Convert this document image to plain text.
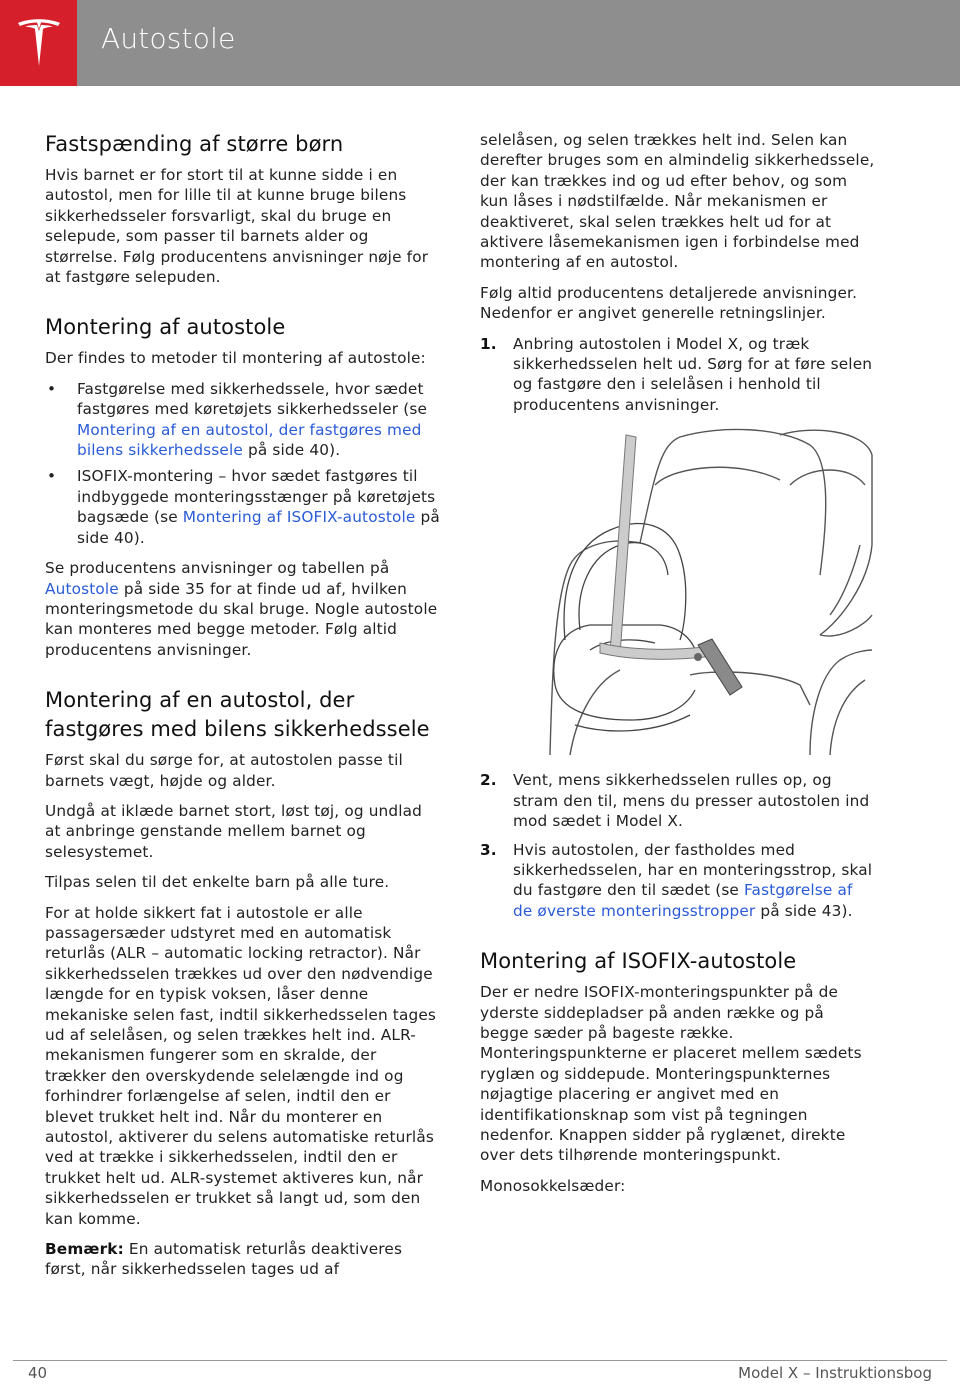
Autostole
Fastspænding af større børn

Hvis barnet er for stort til at kunne sidde i en autostol, men for lille til at kunne bruge bilens sikkerhedsseler forsvarligt, skal du bruge en selepude, som passer til barnets alder og størrelse. Følg producentens anvisninger nøje for at fastgøre selepuden.

Montering af autostole

Der findes to metoder til montering af autostole:

• Fastgørelse med sikkerhedssele, hvor sædet fastgøres med køretøjets sikkerhedsseler (se Montering af en autostol, der fastgøres med bilens sikkerhedssele på side 40).
• ISOFIX-montering – hvor sædet fastgøres til indbyggede monteringsstænger på køretøjets bagsæde (se Montering af ISOFIX-autostole på side 40).

Se producentens anvisninger og tabellen på Autostole på side 35 for at finde ud af, hvilken monteringsmetode du skal bruge. Nogle autostole kan monteres med begge metoder. Følg altid producentens anvisninger.

Montering af en autostol, der fastgøres med bilens sikkerhedssele

Først skal du sørge for, at autostolen passe til barnets vægt, højde og alder.

Undgå at iklæde barnet stort, løst tøj, og undlad at anbringe genstande mellem barnet og selesystemet.

Tilpas selen til det enkelte barn på alle ture.

For at holde sikkert fat i autostole er alle passagersæder udstyret med en automatisk returlås (ALR – automatic locking retractor). Når sikkerhedsselen trækkes ud over den nødvendige længde for en typisk voksen, låser denne mekaniske selen fast, indtil sikkerhedsselen tages ud af selelåsen, og selen trækkes helt ind. ALR-mekanismen fungerer som en skralde, der trækker den overskydende selelængde ind og forhindrer forlængelse af selen, indtil den er blevet trukket helt ind. Når du monterer en autostol, aktiverer du selens automatiske returlås ved at trække i sikkerhedsselen, indtil den er trukket helt ud. ALR-systemet aktiveres kun, når sikkerhedsselen er trukket så langt ud, som den kan komme.

Bemærk: En automatisk returlås deaktiveres først, når sikkerhedsselen tages ud af

selelåsen, og selen trækkes helt ind. Selen kan derefter bruges som en almindelig sikkerhedssele, der kan trækkes ind og ud efter behov, og som kun låses i nødstilfælde. Når mekanismen er deaktiveret, skal selen trækkes helt ud for at aktivere låsemekanismen igen i forbindelse med montering af en autostol.

Følg altid producentens detaljerede anvisninger. Nedenfor er angivet generelle retningslinjer.

1. Anbring autostolen i Model X, og træk sikkerhedsselen helt ud. Sørg for at føre selen og fastgøre den i selelåsen i henhold til producentens anvisninger.
2. Vent, mens sikkerhedsselen rulles op, og stram den til, mens du presser autostolen ind mod sædet i Model X.
3. Hvis autostolen, der fastholdes med sikkerhedsselen, har en monteringsstrop, skal du fastgøre den til sædet (se Fastgørelse af de øverste monteringsstropper på side 43).
Montering af ISOFIX-autostole

Der er nedre ISOFIX-monteringspunkter på de yderste siddepladser på anden række og på begge sæder på bageste række. Monteringspunkterne er placeret mellem sædets ryglæn og siddepude. Monteringspunkternes nøjagtige placering er angivet med en identifikationsknap som vist på tegningen nedenfor. Knappen sidder på ryglænet, direkte over dets tilhørende monteringspunkt.

Monosokkelsæder:

40	Model X – Instruktionsbog
